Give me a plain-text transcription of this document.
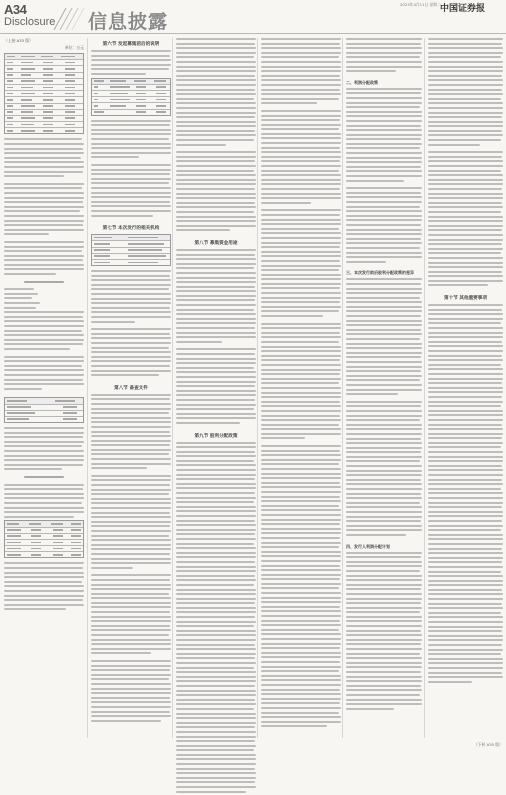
A34
Disclosure 信息披露
2023年4月11日 星期二 中国证券报
（上接 A33 版）
单位：万元
第六节 发起募集前后的说明
第七节 本次发行的相关机构
第八节 备查文件
第八节 募集资金用途
第九节 股利分配政策
二、利润分配政策
三、本次发行前后股利分配政策的差异
四、发行人利润分配计划
第十节 其他重要事项
（下转 A35 版）
